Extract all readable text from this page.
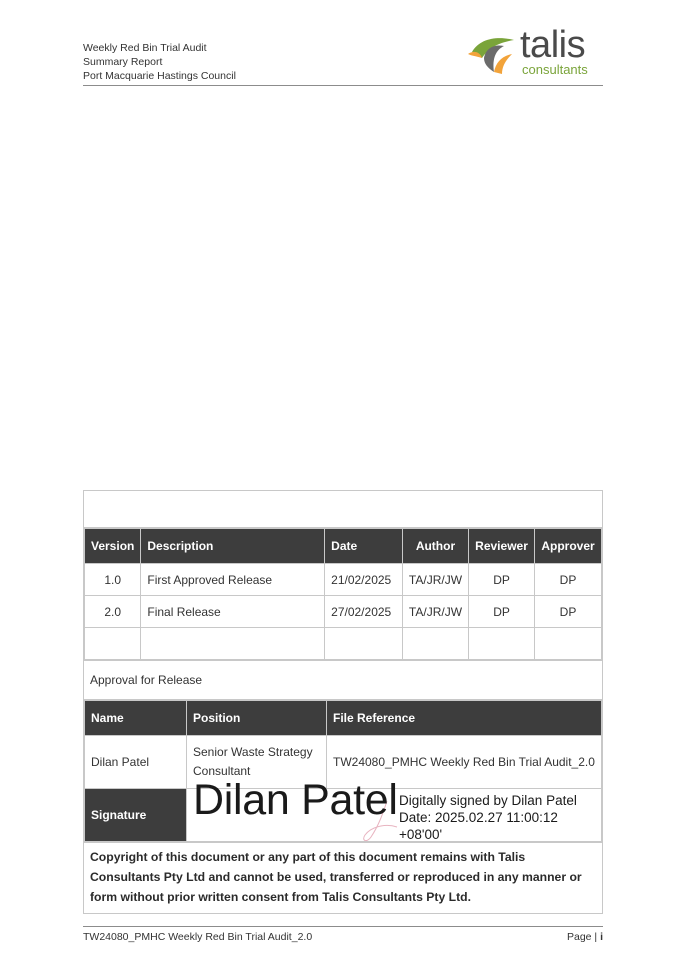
Weekly Red Bin Trial Audit
Summary Report
Port Macquarie Hastings Council
talis
consultants
Version	Description	Date	Author	Reviewer	Approver
1.0	First Approved Release	21/02/2025	TA/JR/JW	DP	DP
2.0	Final Release	27/02/2025	TA/JR/JW	DP	DP

Approval for Release
Name	Position	File Reference
Dilan Patel	Senior Waste Strategy Consultant	TW24080_PMHC Weekly Red Bin Trial Audit_2.0
Signature	Dilan Patel Digitally signed by Dilan Patel
Date: 2025.02.27 11:00:12
+08'00'	
Copyright of this document or any part of this document remains with Talis Consultants Pty Ltd and cannot be used, transferred or reproduced in any manner or form without prior written consent from Talis Consultants Pty Ltd.
TW24080_PMHC Weekly Red Bin Trial Audit_2.0	Page | i
